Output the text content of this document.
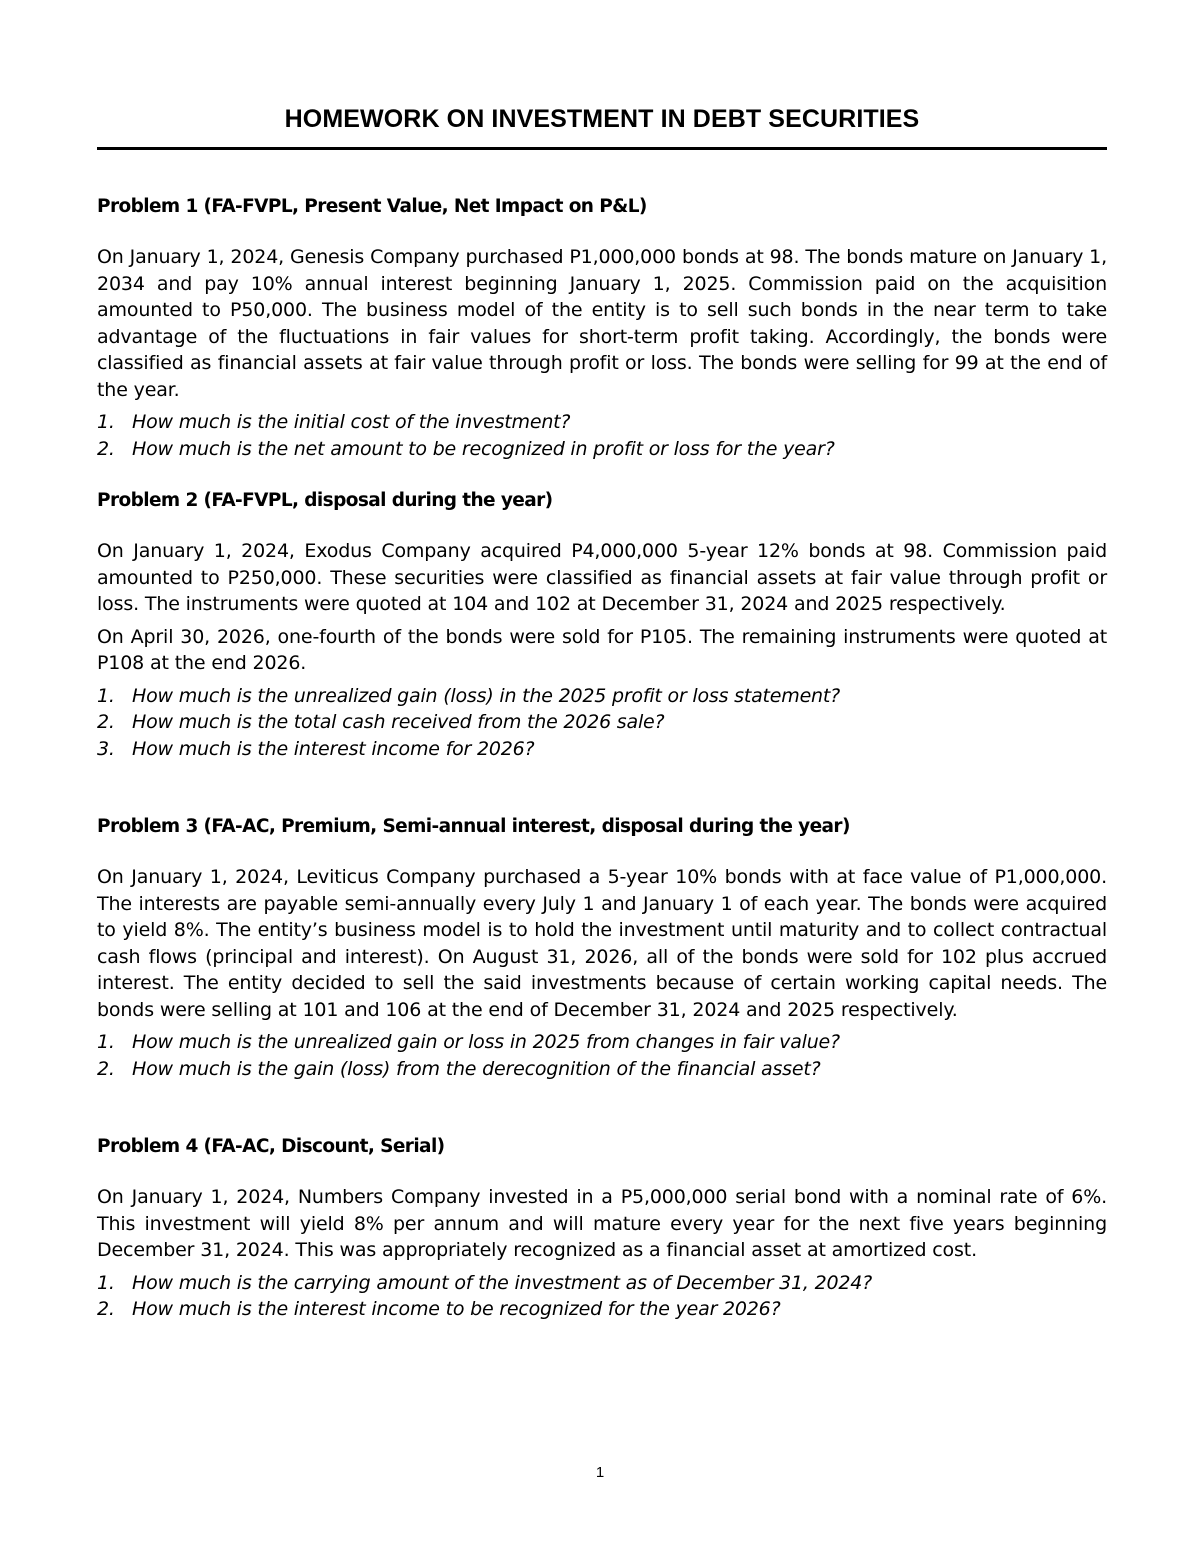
HOMEWORK ON INVESTMENT IN DEBT SECURITIES
Problem 1 (FA-FVPL, Present Value, Net Impact on P&L)

On January 1, 2024, Genesis Company purchased P1,000,000 bonds at 98. The bonds mature on January 1, 2034 and pay 10% annual interest beginning January 1, 2025. Commission paid on the acquisition amounted to P50,000. The business model of the entity is to sell such bonds in the near term to take advantage of the fluctuations in fair values for short-term profit taking. Accordingly, the bonds were classified as financial assets at fair value through profit or loss. The bonds were selling for 99 at the end of the year.

1. How much is the initial cost of the investment?
2. How much is the net amount to be recognized in profit or loss for the year?
Problem 2 (FA-FVPL, disposal during the year)

On January 1, 2024, Exodus Company acquired P4,000,000 5-year 12% bonds at 98. Commission paid amounted to P250,000. These securities were classified as financial assets at fair value through profit or loss. The instruments were quoted at 104 and 102 at December 31, 2024 and 2025 respectively.

On April 30, 2026, one-fourth of the bonds were sold for P105. The remaining instruments were quoted at P108 at the end 2026.

1. How much is the unrealized gain (loss) in the 2025 profit or loss statement?
2. How much is the total cash received from the 2026 sale?
3. How much is the interest income for 2026?
Problem 3 (FA-AC, Premium, Semi-annual interest, disposal during the year)

On January 1, 2024, Leviticus Company purchased a 5-year 10% bonds with at face value of P1,000,000. The interests are payable semi-annually every July 1 and January 1 of each year. The bonds were acquired to yield 8%. The entity’s business model is to hold the investment until maturity and to collect contractual cash flows (principal and interest). On August 31, 2026, all of the bonds were sold for 102 plus accrued interest. The entity decided to sell the said investments because of certain working capital needs. The bonds were selling at 101 and 106 at the end of December 31, 2024 and 2025 respectively.

1. How much is the unrealized gain or loss in 2025 from changes in fair value?
2. How much is the gain (loss) from the derecognition of the financial asset?
Problem 4 (FA-AC, Discount, Serial)

On January 1, 2024, Numbers Company invested in a P5,000,000 serial bond with a nominal rate of 6%. This investment will yield 8% per annum and will mature every year for the next five years beginning December 31, 2024. This was appropriately recognized as a financial asset at amortized cost.

1. How much is the carrying amount of the investment as of December 31, 2024?
2. How much is the interest income to be recognized for the year 2026?
1
